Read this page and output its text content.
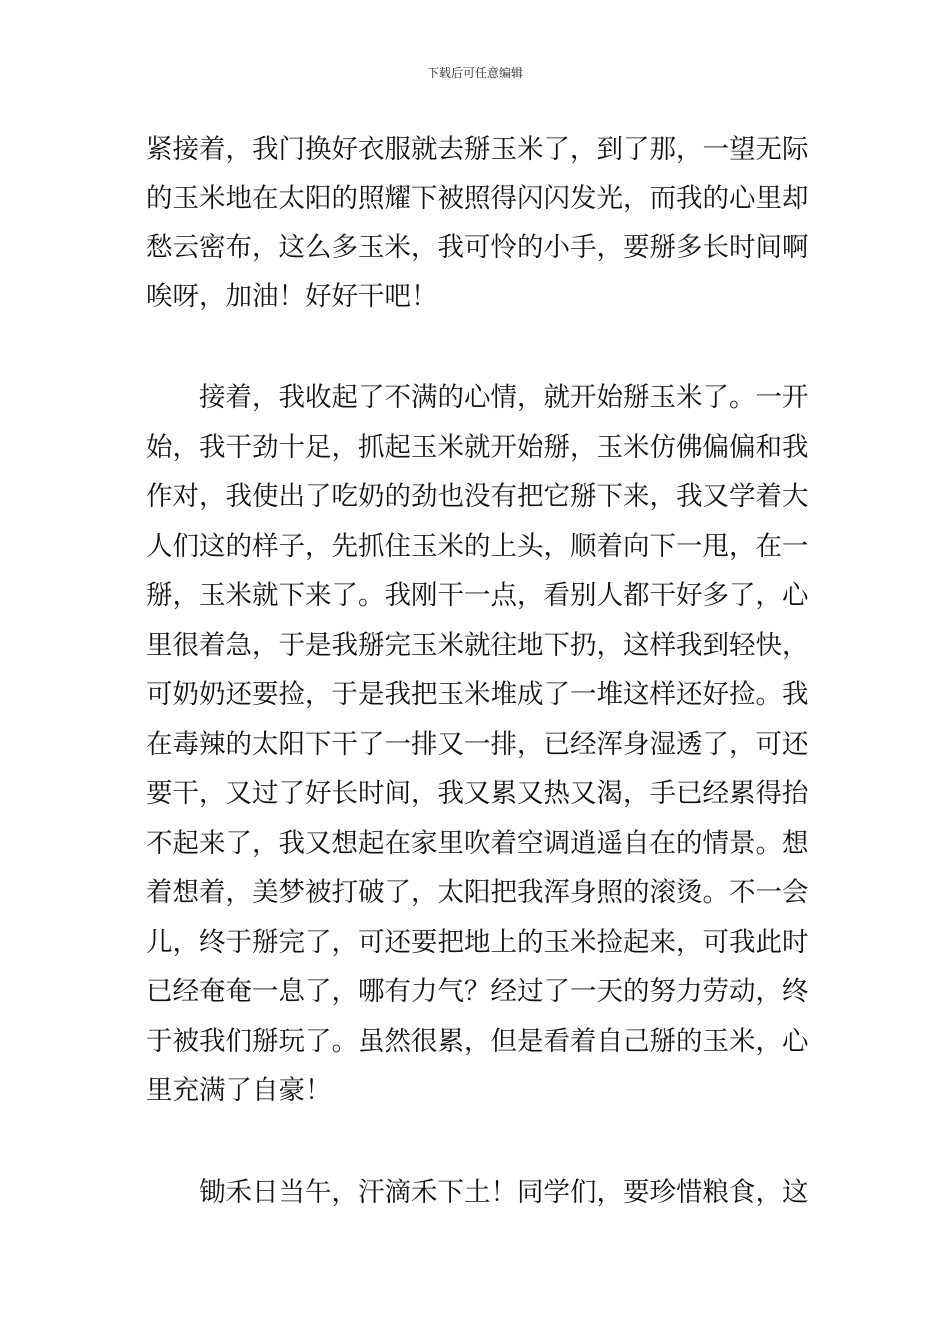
下载后可任意编辑
紧接着，我门换好衣服就去掰玉米了，到了那，一望无际
的玉米地在太阳的照耀下被照得闪闪发光，而我的心里却
愁云密布，这么多玉米，我可怜的小手，要掰多长时间啊
唉呀，加油！好好干吧！
　　接着，我收起了不满的心情，就开始掰玉米了。一开
始，我干劲十足，抓起玉米就开始掰，玉米仿佛偏偏和我
作对，我使出了吃奶的劲也没有把它掰下来，我又学着大
人们这的样子，先抓住玉米的上头，顺着向下一甩，在一
掰，玉米就下来了。我刚干一点，看别人都干好多了，心
里很着急，于是我掰完玉米就往地下扔，这样我到轻快，
可奶奶还要捡，于是我把玉米堆成了一堆这样还好捡。我
在毒辣的太阳下干了一排又一排，已经浑身湿透了，可还
要干，又过了好长时间，我又累又热又渴，手已经累得抬
不起来了，我又想起在家里吹着空调逍遥自在的情景。想
着想着，美梦被打破了，太阳把我浑身照的滚烫。不一会
儿，终于掰完了，可还要把地上的玉米捡起来，可我此时
已经奄奄一息了，哪有力气？经过了一天的努力劳动，终
于被我们掰玩了。虽然很累，但是看着自己掰的玉米，心
里充满了自豪！
　　锄禾日当午，汗滴禾下土！同学们，要珍惜粮食，这
